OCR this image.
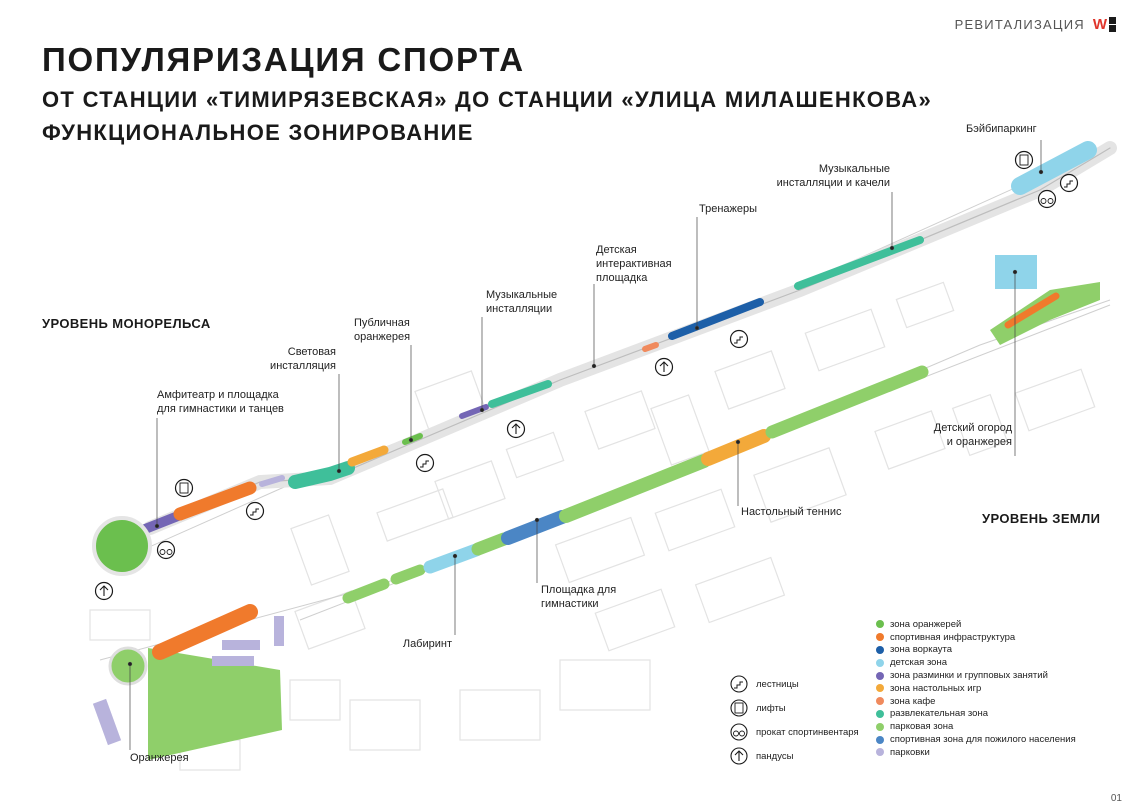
РЕВИТАЛИЗАЦИЯ W
ПОПУЛЯРИЗАЦИЯ СПОРТА
ОТ СТАНЦИИ «ТИМИРЯЗЕВСКАЯ» ДО СТАНЦИИ «УЛИЦА МИЛАШЕНКОВА»
ФУНКЦИОНАЛЬНОЕ ЗОНИРОВАНИЕ
УРОВЕНЬ МОНОРЕЛЬСА
УРОВЕНЬ ЗЕМЛИ
Амфитеатр и площадка
для гимнастики и танцев
Световая
инсталляция
Публичная
оранжерея
Музыкальные
инсталляции
Детская
интерактивная
площадка
Тренажеры
Музыкальные
инсталляции и качели
Бэйбипаркинг
Детский огород
и оранжерея
Настольный теннис
Площадка для
гимнастики
Лабиринт
Оранжерея
лестницы
лифты
прокат спортинвентаря
пандусы
зона оранжерей
спортивная инфраструктура
зона воркаута
детская зона
зона разминки и групповых занятий
зона настольных игр
зона кафе
развлекательная зона
парковая зона
спортивная зона для пожилого населения
парковки
01
